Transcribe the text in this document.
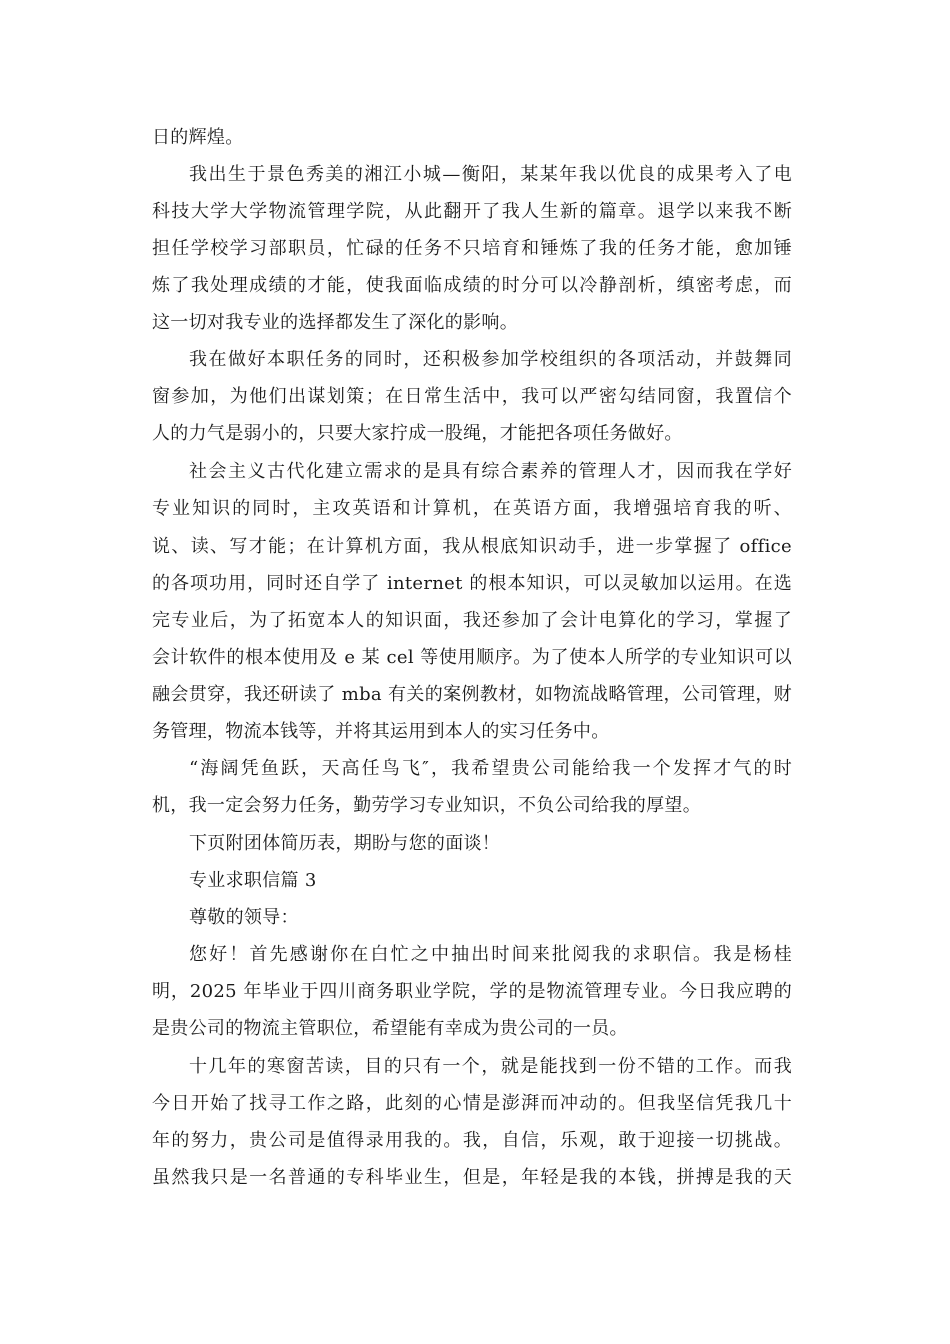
日的辉煌。
我出生于景色秀美的湘江小城—衡阳，某某年我以优良的成果考入了电
科技大学大学物流管理学院，从此翻开了我人生新的篇章。退学以来我不断
担任学校学习部职员，忙碌的任务不只培育和锤炼了我的任务才能，愈加锤
炼了我处理成绩的才能，使我面临成绩的时分可以冷静剖析，缜密考虑，而
这一切对我专业的选择都发生了深化的影响。
我在做好本职任务的同时，还积极参加学校组织的各项活动，并鼓舞同
窗参加，为他们出谋划策；在日常生活中，我可以严密勾结同窗，我置信个
人的力气是弱小的，只要大家拧成一股绳，才能把各项任务做好。
社会主义古代化建立需求的是具有综合素养的管理人才，因而我在学好
专业知识的同时，主攻英语和计算机，在英语方面，我增强培育我的听、
说、读、写才能；在计算机方面，我从根底知识动手，进一步掌握了 office
的各项功用，同时还自学了 internet 的根本知识，可以灵敏加以运用。在选
完专业后，为了拓宽本人的知识面，我还参加了会计电算化的学习，掌握了
会计软件的根本使用及 e 某 cel 等使用顺序。为了使本人所学的专业知识可以
融会贯穿，我还研读了 mba 有关的案例教材，如物流战略管理，公司管理，财
务管理，物流本钱等，并将其运用到本人的实习任务中。
“海阔凭鱼跃，天高任鸟飞″，我希望贵公司能给我一个发挥才气的时
机，我一定会努力任务，勤劳学习专业知识，不负公司给我的厚望。
下页附团体简历表，期盼与您的面谈！
专业求职信篇 3
尊敬的领导：
您好！首先感谢你在白忙之中抽出时间来批阅我的求职信。我是杨桂
明，2025 年毕业于四川商务职业学院，学的是物流管理专业。今日我应聘的
是贵公司的物流主管职位，希望能有幸成为贵公司的一员。
十几年的寒窗苦读，目的只有一个，就是能找到一份不错的工作。而我
今日开始了找寻工作之路，此刻的心情是澎湃而冲动的。但我坚信凭我几十
年的努力，贵公司是值得录用我的。我，自信，乐观，敢于迎接一切挑战。
虽然我只是一名普通的专科毕业生，但是，年轻是我的本钱，拼搏是我的天
